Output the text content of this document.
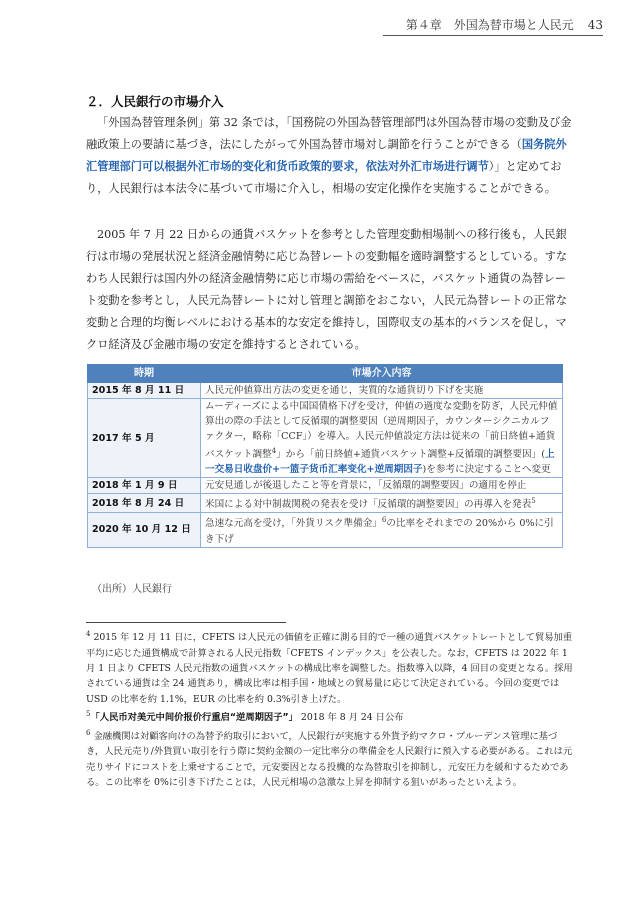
第４章　外国為替市場と人民元 43
２．人民銀行の市場介入
「外国為替管理条例」第 32 条では，「国務院の外国為替管理部門は外国為替市場の変動及び金融政策上の要請に基づき，法にしたがって外国為替市場対し調節を行うことができる（国务院外汇管理部门可以根据外汇市场的变化和货币政策的要求，依法对外汇市场进行调节）」と定めており，人民銀行は本法令に基づいて市場に介入し，相場の安定化操作を実施することができる。
2005 年 7 月 22 日からの通貨バスケットを参考とした管理変動相場制への移行後も，人民銀行は市場の発展状況と経済金融情勢に応じ為替レートの変動幅を適時調整するとしている。すなわち人民銀行は国内外の経済金融情勢に応じ市場の需給をベースに，バスケット通貨の為替レート変動を参考とし，人民元為替レートに対し管理と調節をおこない，人民元為替レートの正常な変動と合理的均衡レベルにおける基本的な安定を維持し，国際収支の基本的バランスを促し，マクロ経済及び金融市場の安定を維持するとされている。
時期	市場介入内容
2015 年 8 月 11 日	人民元仲値算出方法の変更を通じ，実質的な通貨切り下げを実施
2017 年 5 月	ムーディーズによる中国国債格下げを受け，仲値の過度な変動を防ぎ，人民元仲値算出の際の手法として反循環的調整要因（逆周期因子，カウンターシクニカルファクター，略称「CCF」）を導入。人民元仲値設定方法は従来の「前日終値+通貨バスケット調整$^4$」から「前日終値+通貨バスケット調整+反循環的調整要因」(上一交易日收盘价+一篮子货币汇率变化+逆周期因子)を参考に決定することへ変更
2018 年 1 月 9 日	元安見通しが後退したこと等を背景に，「反循環的調整要因」の適用を停止
2018 年 8 月 24 日	米国による対中制裁関税の発表を受け「反循環的調整要因」の再導入を発表$^5$
2020 年 10 月 12 日	急速な元高を受け，「外貨リスク準備金」$^6$の比率をそれまでの 20%から 0%に引き下げ
（出所）人民銀行

$^4$ 2015 年 12 月 11 日に，CFETS は人民元の価値を正確に測る目的で一種の通貨バスケットレートとして貿易加重平均に応じた通貨構成で計算される人民元指数「CFETS インデックス」を公表した。なお，CFETS は 2022 年 1 月 1 日より CFETS 人民元指数の通貨バスケットの構成比率を調整した。指数導入以降，4 回目の変更となる。採用されている通貨は全 24 通貨あり，構成比率は相手国・地域との貿易量に応じて決定されている。今回の変更では USD の比率を約 1.1%，EUR の比率を約 0.3%引き上げた。

$^5$「人民币对美元中间价报价行重启“逆周期因子”」 2018 年 8 月 24 日公布

$^6$ 金融機関は対顧客向けの為替予約取引において，人民銀行が実施する外貨予約マクロ・プルーデンス管理に基づき，人民元売り/外貨買い取引を行う際に契約金額の一定比率分の準備金を人民銀行に預入する必要がある。これは元売りサイドにコストを上乗せすることで，元安要因となる投機的な為替取引を抑制し，元安圧力を緩和するためである。この比率を 0%に引き下げたことは，人民元相場の急激な上昇を抑制する狙いがあったといえよう。
